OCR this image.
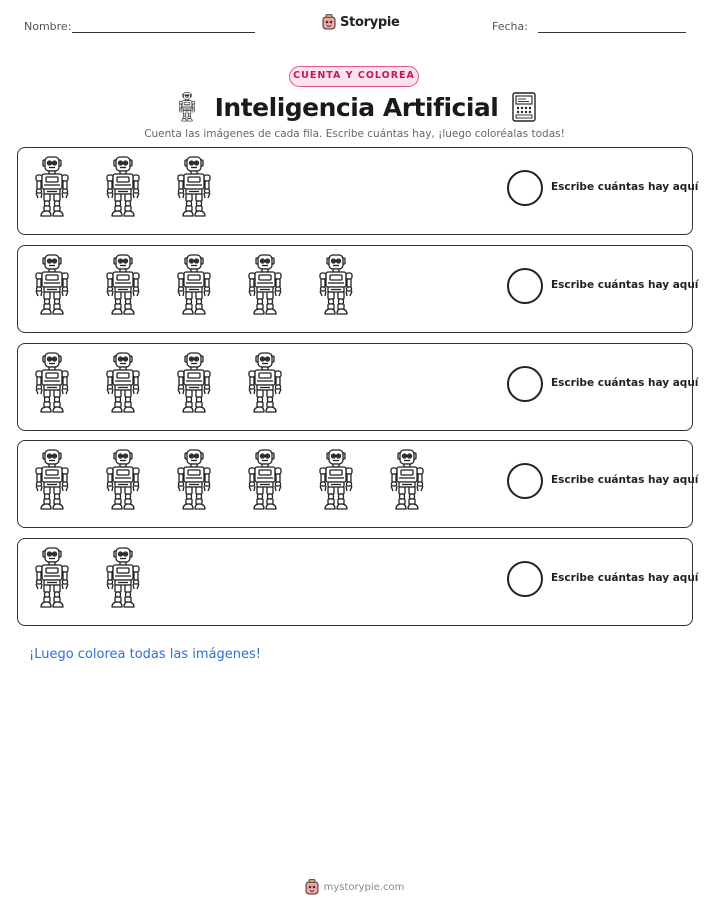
Nombre:	Storypie	Fecha:
CUENTA Y COLOREA
Inteligencia Artificial
Cuenta las imágenes de cada fila. Escribe cuántas hay, ¡luego coloréalas todas!
Escribe cuántas hay aquí
Escribe cuántas hay aquí
Escribe cuántas hay aquí
Escribe cuántas hay aquí
Escribe cuántas hay aquí
¡Luego colorea todas las imágenes!
mystorypie.com
